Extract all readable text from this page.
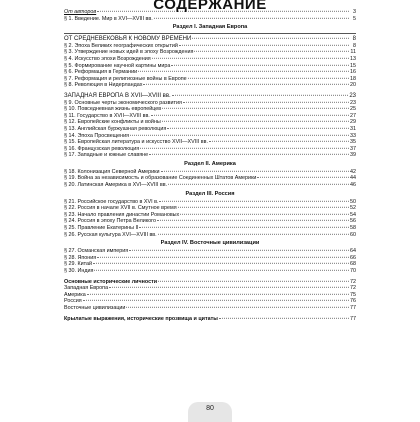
СОДЕРЖАНИЕ
От авторов	3
§ 1. Введение. Мир в XVI—XVIII вв.	5
Раздел I. Западная Европа
ОТ СРЕДНЕВЕКОВЬЯ К НОВОМУ ВРЕМЕНИ	8
§ 2. Эпоха Великих географических открытий	8
§ 3. Утверждение новых идей в эпоху Возрождения	11
§ 4. Искусство эпохи Возрождения	13
§ 5. Формирование научной картины мира	15
§ 6. Реформация в Германии	16
§ 7. Реформация и религиозные войны в Европе	18
§ 8. Революция в Нидерландах	20
ЗАПАДНАЯ ЕВРОПА В XVII—XVIII вв.	23
§ 9. Основные черты экономического развития	23
§ 10. Повседневная жизнь европейцев	25
§ 11. Государство в XVII—XVIII вв.	27
§ 12. Европейские конфликты и войны	29
§ 13. Английская буржуазная революция	31
§ 14. Эпоха Просвещения	33
§ 15. Европейская литература и искусство XVII—XVIII вв.	35
§ 16. Французская революция	37
§ 17. Западные и южные славяне	39
Раздел II. Америка
§ 18. Колонизация Северной Америки	42
§ 19. Война за независимость и образование Соединенных Штатов Америки	44
§ 20. Латинская Америка в XVI—XVIII вв.	46
Раздел III. Россия
§ 21. Российское государство в XVI в.	50
§ 22. Россия в начале XVII в. Смутное время	52
§ 23. Начало правления династии Романовых	54
§ 24. Россия в эпоху Петра Великого	56
§ 25. Правление Екатерины II	58
§ 26. Русская культура XVI—XVIII вв.	60
Раздел IV. Восточные цивилизации
§ 27. Османская империя	64
§ 28. Япония	66
§ 29. Китай	68
§ 30. Индия	70
Основные исторические личности	72
Западная Европа	72
Америка	75
Россия	76
Восточные цивилизации	77
Крылатые выражения, исторические прозвища и цитаты	77
80
